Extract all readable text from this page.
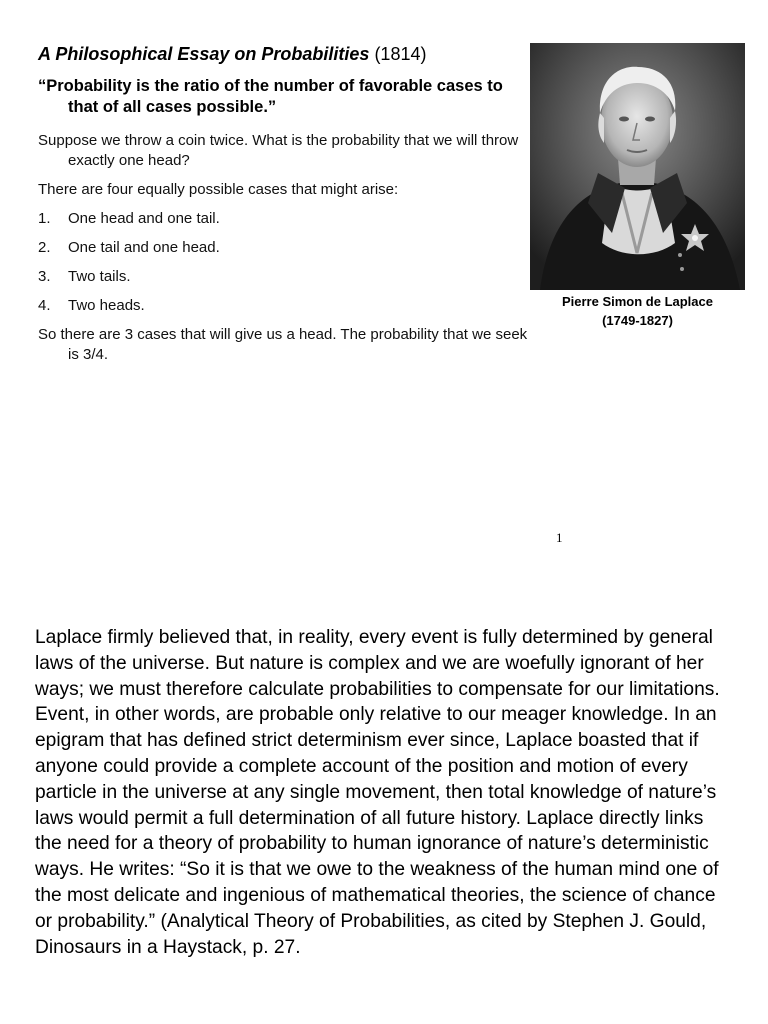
A Philosophical Essay on Probabilities (1814)
“Probability is the ratio of the number of favorable cases to that of all cases possible.”
Suppose we throw a coin twice. What is the probability that we will throw exactly one head?
There are four equally possible cases that might arise:
1. One head and one tail.
2. One tail and one head.
3. Two tails.
4. Two heads.
So there are 3 cases that will give us a head. The probability that we seek is 3/4.
Pierre Simon de Laplace
(1749-1827)
1
Laplace firmly believed that, in reality, every event is fully determined by general laws of the universe. But nature is complex and we are woefully ignorant of her ways; we must therefore calculate probabilities to compensate for our limitations. Event, in other words, are probable only relative to our meager knowledge. In an epigram that has defined strict determinism ever since, Laplace boasted that if anyone could provide a complete account of the position and motion of every particle in the universe at any single movement, then total knowledge of nature’s laws would permit a full determination of all future history. Laplace directly links the need for a theory of probability to human ignorance of nature’s deterministic ways. He writes: “So it is that we owe to the weakness of the human mind one of the most delicate and ingenious of mathematical theories, the science of chance or probability.” (Analytical Theory of Probabilities, as cited by Stephen J. Gould, Dinosaurs in a Haystack, p. 27.
